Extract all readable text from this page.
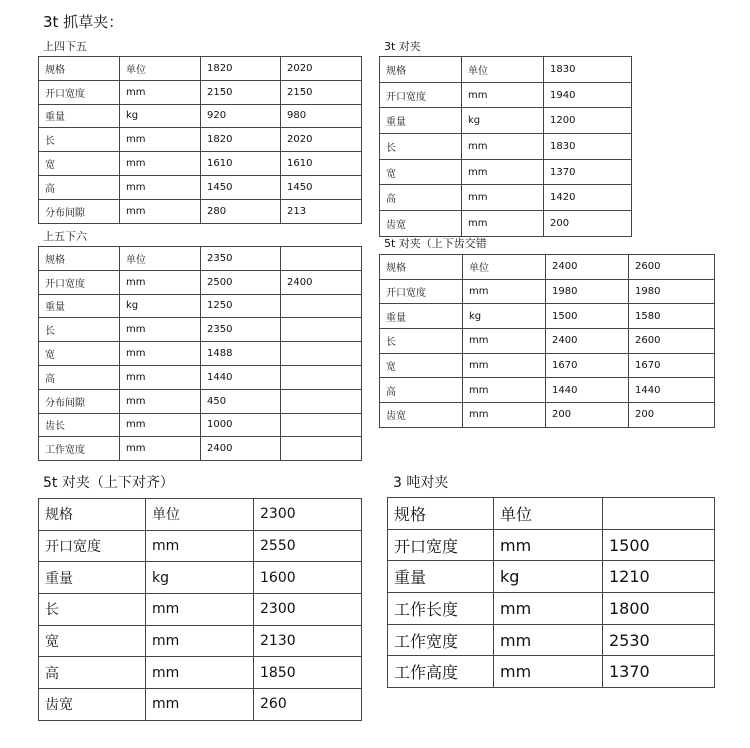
3t 抓草夹：
上四下五
规格	单位	1820	2020
开口宽度	mm	2150	2150
重量	kg	920	980
长	mm	1820	2020
宽	mm	1610	1610
高	mm	1450	1450
分布间隙	mm	280	213
上五下六
规格	单位	2350	
开口宽度	mm	2500	2400
重量	kg	1250	
长	mm	2350	
宽	mm	1488	
高	mm	1440	
分布间隙	mm	450	
齿长	mm	1000	
工作宽度	mm	2400	
3t 对夹
规格	单位	1830
开口宽度	mm	1940
重量	kg	1200
长	mm	1830
宽	mm	1370
高	mm	1420
齿宽	mm	200
5t 对夹（上下齿交错
规格	单位	2400	2600
开口宽度	mm	1980	1980
重量	kg	1500	1580
长	mm	2400	2600
宽	mm	1670	1670
高	mm	1440	1440
齿宽	mm	200	200
5t 对夹（上下对齐）
规格	单位	2300
开口宽度	mm	2550
重量	kg	1600
长	mm	2300
宽	mm	2130
高	mm	1850
齿宽	mm	260
3 吨对夹
规格	单位	
开口宽度	mm	1500
重量	kg	1210
工作长度	mm	1800
工作宽度	mm	2530
工作高度	mm	1370
